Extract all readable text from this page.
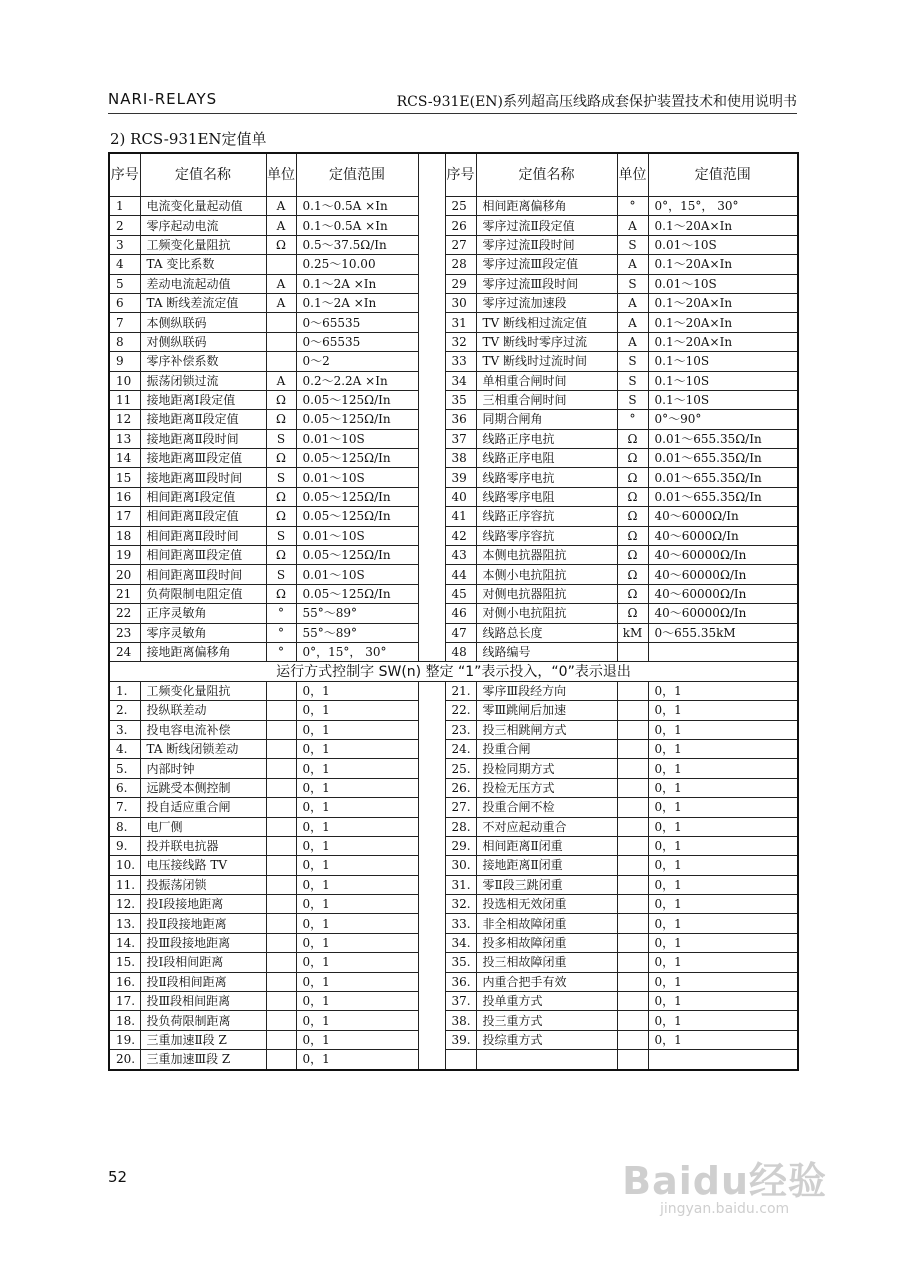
NARI-RELAYS	RCS-931E(EN)系列超高压线路成套保护装置技术和使用说明书
2) RCS-931EN定值单
序号	定值名称	单位	定值范围		序号	定值名称	单位	定值范围
1	电流变化量起动值	A	0.1～0.5A ×In		25	相间距离偏移角	°	0°，15°， 30°
2	零序起动电流	A	0.1～0.5A ×In		26	零序过流Ⅱ段定值	A	0.1～20A×In
3	工频变化量阻抗	Ω	0.5～37.5Ω/In		27	零序过流Ⅱ段时间	S	0.01～10S
4	TA 变比系数		0.25～10.00		28	零序过流Ⅲ段定值	A	0.1～20A×In
5	差动电流起动值	A	0.1～2A ×In		29	零序过流Ⅲ段时间	S	0.01～10S
6	TA 断线差流定值	A	0.1～2A ×In		30	零序过流加速段	A	0.1～20A×In
7	本侧纵联码		0～65535		31	TV 断线相过流定值	A	0.1～20A×In
8	对侧纵联码		0～65535		32	TV 断线时零序过流	A	0.1～20A×In
9	零序补偿系数		0～2		33	TV 断线时过流时间	S	0.1～10S
10	振荡闭锁过流	A	0.2～2.2A ×In		34	单相重合闸时间	S	0.1～10S
11	接地距离Ⅰ段定值	Ω	0.05～125Ω/In		35	三相重合闸时间	S	0.1～10S
12	接地距离Ⅱ段定值	Ω	0.05～125Ω/In		36	同期合闸角	°	0°～90°
13	接地距离Ⅱ段时间	S	0.01～10S		37	线路正序电抗	Ω	0.01～655.35Ω/In
14	接地距离Ⅲ段定值	Ω	0.05～125Ω/In		38	线路正序电阻	Ω	0.01～655.35Ω/In
15	接地距离Ⅲ段时间	S	0.01～10S		39	线路零序电抗	Ω	0.01～655.35Ω/In
16	相间距离Ⅰ段定值	Ω	0.05～125Ω/In		40	线路零序电阻	Ω	0.01～655.35Ω/In
17	相间距离Ⅱ段定值	Ω	0.05～125Ω/In		41	线路正序容抗	Ω	40～6000Ω/In
18	相间距离Ⅱ段时间	S	0.01～10S		42	线路零序容抗	Ω	40～6000Ω/In
19	相间距离Ⅲ段定值	Ω	0.05～125Ω/In		43	本侧电抗器阻抗	Ω	40～60000Ω/In
20	相间距离Ⅲ段时间	S	0.01～10S		44	本侧小电抗阻抗	Ω	40～60000Ω/In
21	负荷限制电阻定值	Ω	0.05～125Ω/In		45	对侧电抗器阻抗	Ω	40～60000Ω/In
22	正序灵敏角	°	55°～89°		46	对侧小电抗阻抗	Ω	40～60000Ω/In
23	零序灵敏角	°	55°～89°		47	线路总长度	kM	0～655.35kM
24	接地距离偏移角	°	0°，15°， 30°		48	线路编号		
运行方式控制字 SW(n) 整定 “1”表示投入，“0”表示退出								
1.	工频变化量阻抗		0，1		21.	零序Ⅲ段经方向		0，1
2.	投纵联差动		0，1		22.	零Ⅲ跳闸后加速		0，1
3.	投电容电流补偿		0，1		23.	投三相跳闸方式		0，1
4.	TA 断线闭锁差动		0，1		24.	投重合闸		0，1
5.	内部时钟		0，1		25.	投检同期方式		0，1
6.	远跳受本侧控制		0，1		26.	投检无压方式		0，1
7.	投自适应重合闸		0，1		27.	投重合闸不检		0，1
8.	电厂侧		0，1		28.	不对应起动重合		0，1
9.	投并联电抗器		0，1		29.	相间距离Ⅱ闭重		0，1
10.	电压接线路 TV		0，1		30.	接地距离Ⅱ闭重		0，1
11.	投振荡闭锁		0，1		31.	零Ⅱ段三跳闭重		0，1
12.	投Ⅰ段接地距离		0，1		32.	投选相无效闭重		0，1
13.	投Ⅱ段接地距离		0，1		33.	非全相故障闭重		0，1
14.	投Ⅲ段接地距离		0，1		34.	投多相故障闭重		0，1
15.	投Ⅰ段相间距离		0，1		35.	投三相故障闭重		0，1
16.	投Ⅱ段相间距离		0，1		36.	内重合把手有效		0，1
17.	投Ⅲ段相间距离		0，1		37.	投单重方式		0，1
18.	投负荷限制距离		0，1		38.	投三重方式		0，1
19.	三重加速Ⅱ段 Z		0，1		39.	投综重方式		0，1
20.	三重加速Ⅲ段 Z		0，1					
52	Baidu经验
jingyan.baidu.com
